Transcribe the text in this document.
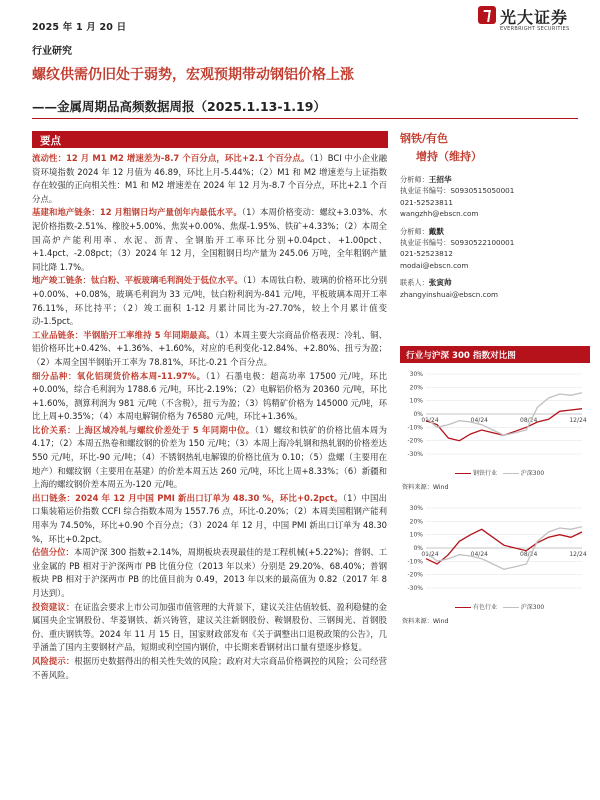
2025 年 1 月 20 日
光大证券
EVERBRIGHT SECURITIES
行业研究
螺纹供需仍旧处于弱势，宏观预期带动钢铝价格上涨
——金属周期品高频数据周报（2025.1.13-1.19）
要点

流动性：12 月 M1 M2 增速差为-8.7 个百分点，环比+2.1 个百分点。（1）BCI 中小企业融资环境指数 2024 年 12 月值为 46.89，环比上月-5.44%；（2）M1 和 M2 增速差与上证指数存在较强的正向相关性：M1 和 M2 增速差在 2024 年 12 月为-8.7 个百分点，环比+2.1 个百分点。

基建和地产链条：12 月粗钢日均产量创年内最低水平。（1）本周价格变动：螺纹+3.03%、水泥价格指数-2.51%、橡胶+5.00%、焦炭+0.00%、焦煤-1.95%、铁矿+4.33%；（2）本周全国高炉产能利用率、水泥、沥青、全钢胎开工率环比分别+0.04pct、+1.00pct、+1.4pct、-2.08pct；（3）2024 年 12 月，全国粗钢日均产量为 245.06 万吨，全年粗钢产量同比降 1.7%。

地产竣工链条：钛白粉、平板玻璃毛利润处于低位水平。（1）本周钛白粉、玻璃的价格环比分别+0.00%、+0.08%，玻璃毛利润为 33 元/吨，钛白粉利润为-841 元/吨，平板玻璃本周开工率 76.11%，环比持平；（2）竣工面积 1-12 月累计同比为-27.70%，较上个月累计值变动-1.5pct。

工业品链条：半钢胎开工率维持 5 年同期最高。（1）本周主要大宗商品价格表现：冷轧、铜、铝价格环比+0.42%、+1.36%、+1.60%，对应的毛利变化-12.84%、+2.80%、扭亏为盈；（2）本周全国半钢胎开工率为 78.81%，环比-0.21 个百分点。

细分品种：氧化铝现货价格本周-11.97%。（1）石墨电极：超高功率 17500 元/吨，环比+0.00%，综合毛利润为 1788.6 元/吨，环比-2.19%；（2）电解铝价格为 20360 元/吨，环比+1.60%，测算利润为 981 元/吨（不含税），扭亏为盈；（3）钨精矿价格为 145000 元/吨，环比上周+0.35%；（4）本周电解铜价格为 76580 元/吨，环比+1.36%。

比价关系：上海区域冷轧与螺纹价差处于 5 年同期中位。（1）螺纹和铁矿的价格比值本周为 4.17；（2）本周五热卷和螺纹钢的价差为 150 元/吨；（3）本周上海冷轧钢和热轧钢的价格差达 550 元/吨，环比-90 元/吨；（4）不锈钢热轧电解镍的价格比值为 0.10；（5）盘螺（主要用在地产）和螺纹钢（主要用在基建）的价差本周五达 260 元/吨，环比上周+8.33%；（6）新疆和上海的螺纹钢价差本周五为-120 元/吨。

出口链条：2024 年 12 月中国 PMI 新出口订单为 48.30 %，环比+0.2pct。（1）中国出口集装箱运价指数 CCFI 综合指数本周为 1557.76 点，环比-0.20%；（2）本周美国粗钢产能利用率为 74.50%，环比+0.90 个百分点；（3）2024 年 12 月，中国 PMI 新出口订单为 48.30 %，环比+0.2pct。

估值分位：本周沪深 300 指数+2.14%，周期板块表现最佳的是工程机械(+5.22%)；普钢、工业金属的 PB 相对于沪深两市 PB 比值分位（2013 年以来）分别是 29.20%、68.40%；普钢板块 PB 相对于沪深两市 PB 的比值目前为 0.49，2013 年以来的最高值为 0.82（2017 年 8 月达到）。

投资建议：在证监会要求上市公司加强市值管理的大背景下，建议关注估值较低、盈利稳健的金属国央企宝钢股份、华菱钢铁、新兴铸管，建议关注新钢股份、鞍钢股份、三钢闽光、首钢股份、重庆钢铁等。2024 年 11 月 15 日，国家财政部发布《关于调整出口退税政策的公告》，几乎涵盖了国内主要钢材产品，短期或利空国内钢价，中长期来看钢材出口量有望逐步修复。

风险提示：根据历史数据得出的相关性失效的风险；政府对大宗商品价格调控的风险；公司经营不善风险。

钢铁/有色
增持（维持）
分析师：王招华
执业证书编号：S0930515050001
021-52523811
wangzhh@ebscn.com
分析师：戴默
执业证书编号：S0930522100001
021-52523812
modai@ebscn.com
联系人：张寅帅
zhangyinshuai@ebscn.com
行业与沪深 300 指数对比图
30%
20%
10%
0%
-10%
-20%
-30%
01/24	04/24	08/24	12/24
钢铁行业	沪深300
资料来源：Wind
30%
20%
10%
0%
-10%
-20%
-30%
01/24	04/24	08/24	12/24
有色行业	沪深300
资料来源：Wind
